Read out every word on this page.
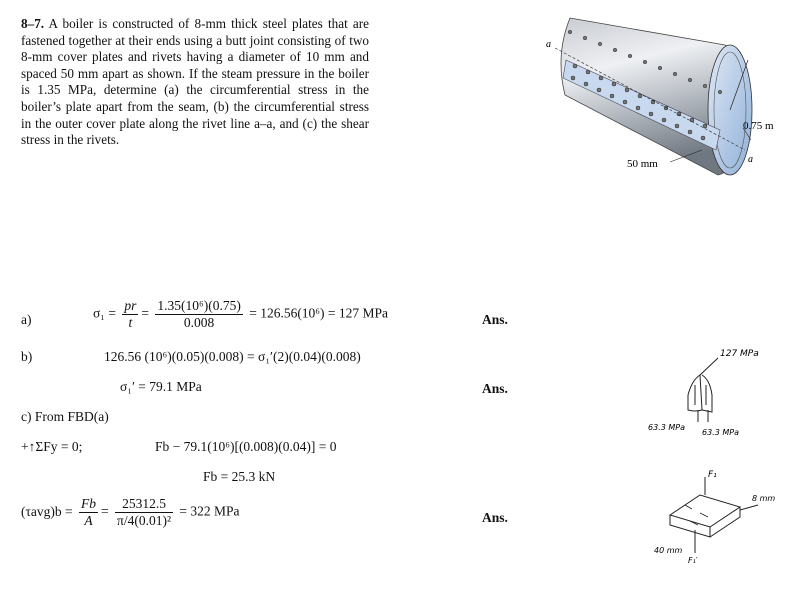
8–7. A boiler is constructed of 8-mm thick steel plates that are fastened together at their ends using a butt joint consisting of two 8-mm cover plates and rivets having a diameter of 10 mm and spaced 50 mm apart as shown. If the steam pressure in the boiler is 1.35 MPa, determine (a) the circumferential stress in the boiler’s plate apart from the seam, (b) the circumferential stress in the outer cover plate along the rivet line a–a, and (c) the shear stress in the rivets.
a
a
0.75 m
50 mm
a)	$\sigma_1 = \frac{pr}{t} = \frac{\text{1.35(10⁶)(0.75)}}{0.008} = 126.56(10^6) = 127$ MPa	Ans.
b)	126.56 (10⁶)(0.05)(0.008) = σ₁′(2)(0.04)(0.008)
σ₁′ = 79.1 MPa	Ans.
c) From FBD(a)
+↑ΣFy = 0;	Fb − 79.1(10⁶)[(0.008)(0.04)] = 0
Fb = 25.3 kN
$(\tau avg)b = \frac{Fb}{A} = \frac{25312.5}{\text{π/4(0.01)²}} = 322$ MPa	Ans.
127 MPa
63.3 MPa
63.3 MPa
F₁
8 mm
40 mm
F₁′
